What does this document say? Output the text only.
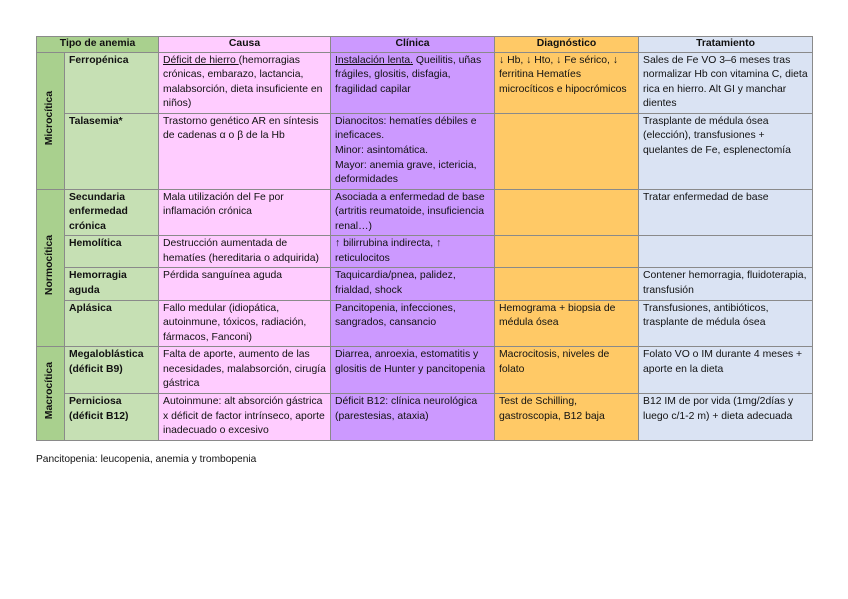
Tipo de anemia		Causa	Clínica	Diagnóstico	Tratamiento
Microcítica	Ferropénica	Déficit de hierro (hemorragias crónicas, embarazo, lactancia, malabsorción, dieta insuficiente en niños)	Instalación lenta. Queilitis, uñas frágiles, glositis, disfagia, fragilidad capilar	↓ Hb, ↓ Hto, ↓ Fe sérico, ↓ ferritina Hematíes microcíticos e hipocrómicos	Sales de Fe VO 3–6 meses tras normalizar Hb con vitamina C, dieta rica en hierro. Alt GI y manchar dientes
	Talasemia*	Trastorno genético AR en síntesis de cadenas α o β de la Hb	Dianocitos: hematíes débiles e ineficaces.
Minor: asintomática.
Mayor: anemia grave, ictericia, deformidades		Trasplante de médula ósea (elección), transfusiones + quelantes de Fe, esplenectomía
Normocítica	Secundaria enfermedad crónica	Mala utilización del Fe por inflamación crónica	Asociada a enfermedad de base (artritis reumatoide, insuficiencia renal…)		Tratar enfermedad de base
	Hemolítica	Destrucción aumentada de hematíes (hereditaria o adquirida)	↑ bilirrubina indirecta, ↑ reticulocitos		
	Hemorragia aguda	Pérdida sanguínea aguda	Taquicardia/pnea, palidez, frialdad, shock		Contener hemorragia, fluidoterapia, transfusión
	Aplásica	Fallo medular (idiopática, autoinmune, tóxicos, radiación, fármacos, Fanconi)	Pancitopenia, infecciones, sangrados, cansancio	Hemograma + biopsia de médula ósea	Transfusiones, antibióticos, trasplante de médula ósea
Macrocítica	Megaloblástica (déficit B9)	Falta de aporte, aumento de las necesidades, malabsorción, cirugía gástrica	Diarrea, anroexia, estomatitis y glositis de Hunter y pancitopenia	Macrocitosis, niveles de folato	Folato VO o IM durante 4 meses + aporte en la dieta
	Perniciosa (déficit B12)	Autoinmune: alt absorción gástrica x déficit de factor intrínseco, aporte inadecuado o excesivo	Déficit B12: clínica neurológica (parestesias, ataxia)	Test de Schilling, gastroscopia, B12 baja	B12 IM de por vida (1mg/2días y luego c/1-2 m) + dieta adecuada
Pancitopenia: leucopenia, anemia y trombopenia
